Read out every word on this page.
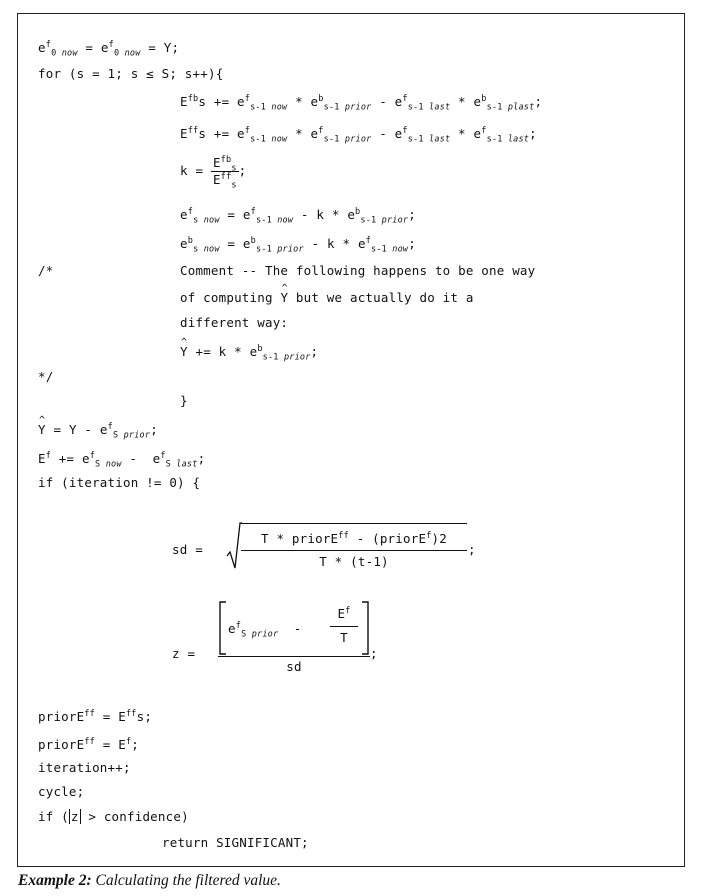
$e^f_0$ $_{now} = e^f_0$ $_{now}$ = Y;
for (s = 1; s ≤ S; s++){
$E^{fb}s += e^f_{s-1}$ $_{now} * e^b_{s-1}$ $_{prior} - e^f_{s-1}$ $_{last} * e^b_{s-1}$ $_{plast}$;
$E^{ff}s += e^f_{s-1}$ $_{now} * e^f_{s-1}$ $_{prior} - e^f_{s-1}$ $_{last} * e^f_{s-1}$ $_{last}$;
$k = \frac{E^{fb}_s}{E^{ff}_s}$ ;
$e^f_s$ $_{now} = e^f_{s-1}$ $_{now}$ - k * $e^b_{s-1}$ $_{prior}$;
$e^b_s$ $_{now} = e^b_{s-1}$ $_{prior}$ - k * $e^f_{s-1}$ $_{now}$;
/*	Comment -- The following happens to be one way
of computing ^ Y but we actually do it a
different way:
^ $Y += k * e^b_{s-1}$ $_{prior}$;
*/
}
^ $Y = Y - e^f_S$ $_{prior}$;
$E^f += e^f_S$ $_{now} - e^f_S$ $_{last}$;
if (iteration != 0) {
sd =
T * priorE$^{ff}$ - (priorE$^f$)2
T * (t-1)
;
z =
$e^f_S$ $_{prior}$ -
$E^f$
T
sd
;
priorE$^{ff}$ = $E^{ff}s$;
priorE$^{ff}$ = $E^f$;
iteration++;
cycle;
if ( z > confidence)
return SIGNIFICANT;
Example 2: Calculating the filtered value.
